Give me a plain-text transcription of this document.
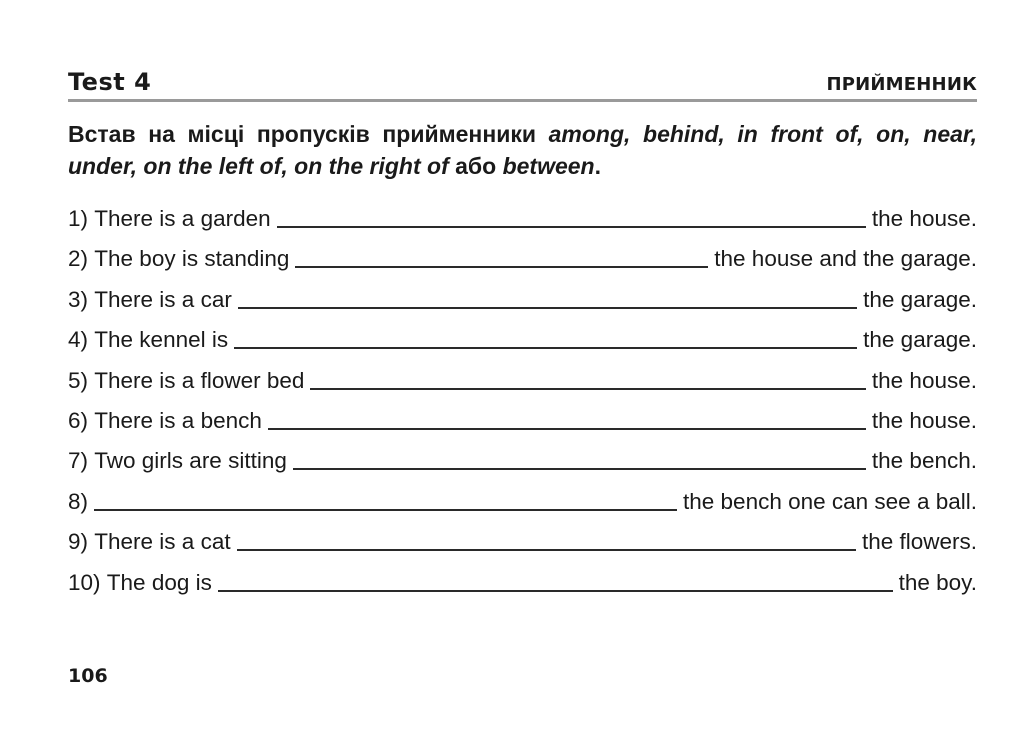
Test 4	ПРИЙМЕННИК
Встав на місці пропусків прийменники among, behind, in front of, on, near, under, on the left of, on the right of або between.
1)
There is a garden	the house.
2)
The boy is standing	the house and the garage.
3)
There is a car	the garage.
4)
The kennel is	the garage.
5)
There is a flower bed	the house.
6)
There is a bench	the house.
7)
Two girls are sitting	the bench.
8)	the bench one can see a ball.
9)
There is a cat	the flowers.
10)
The dog is	the boy.
106
